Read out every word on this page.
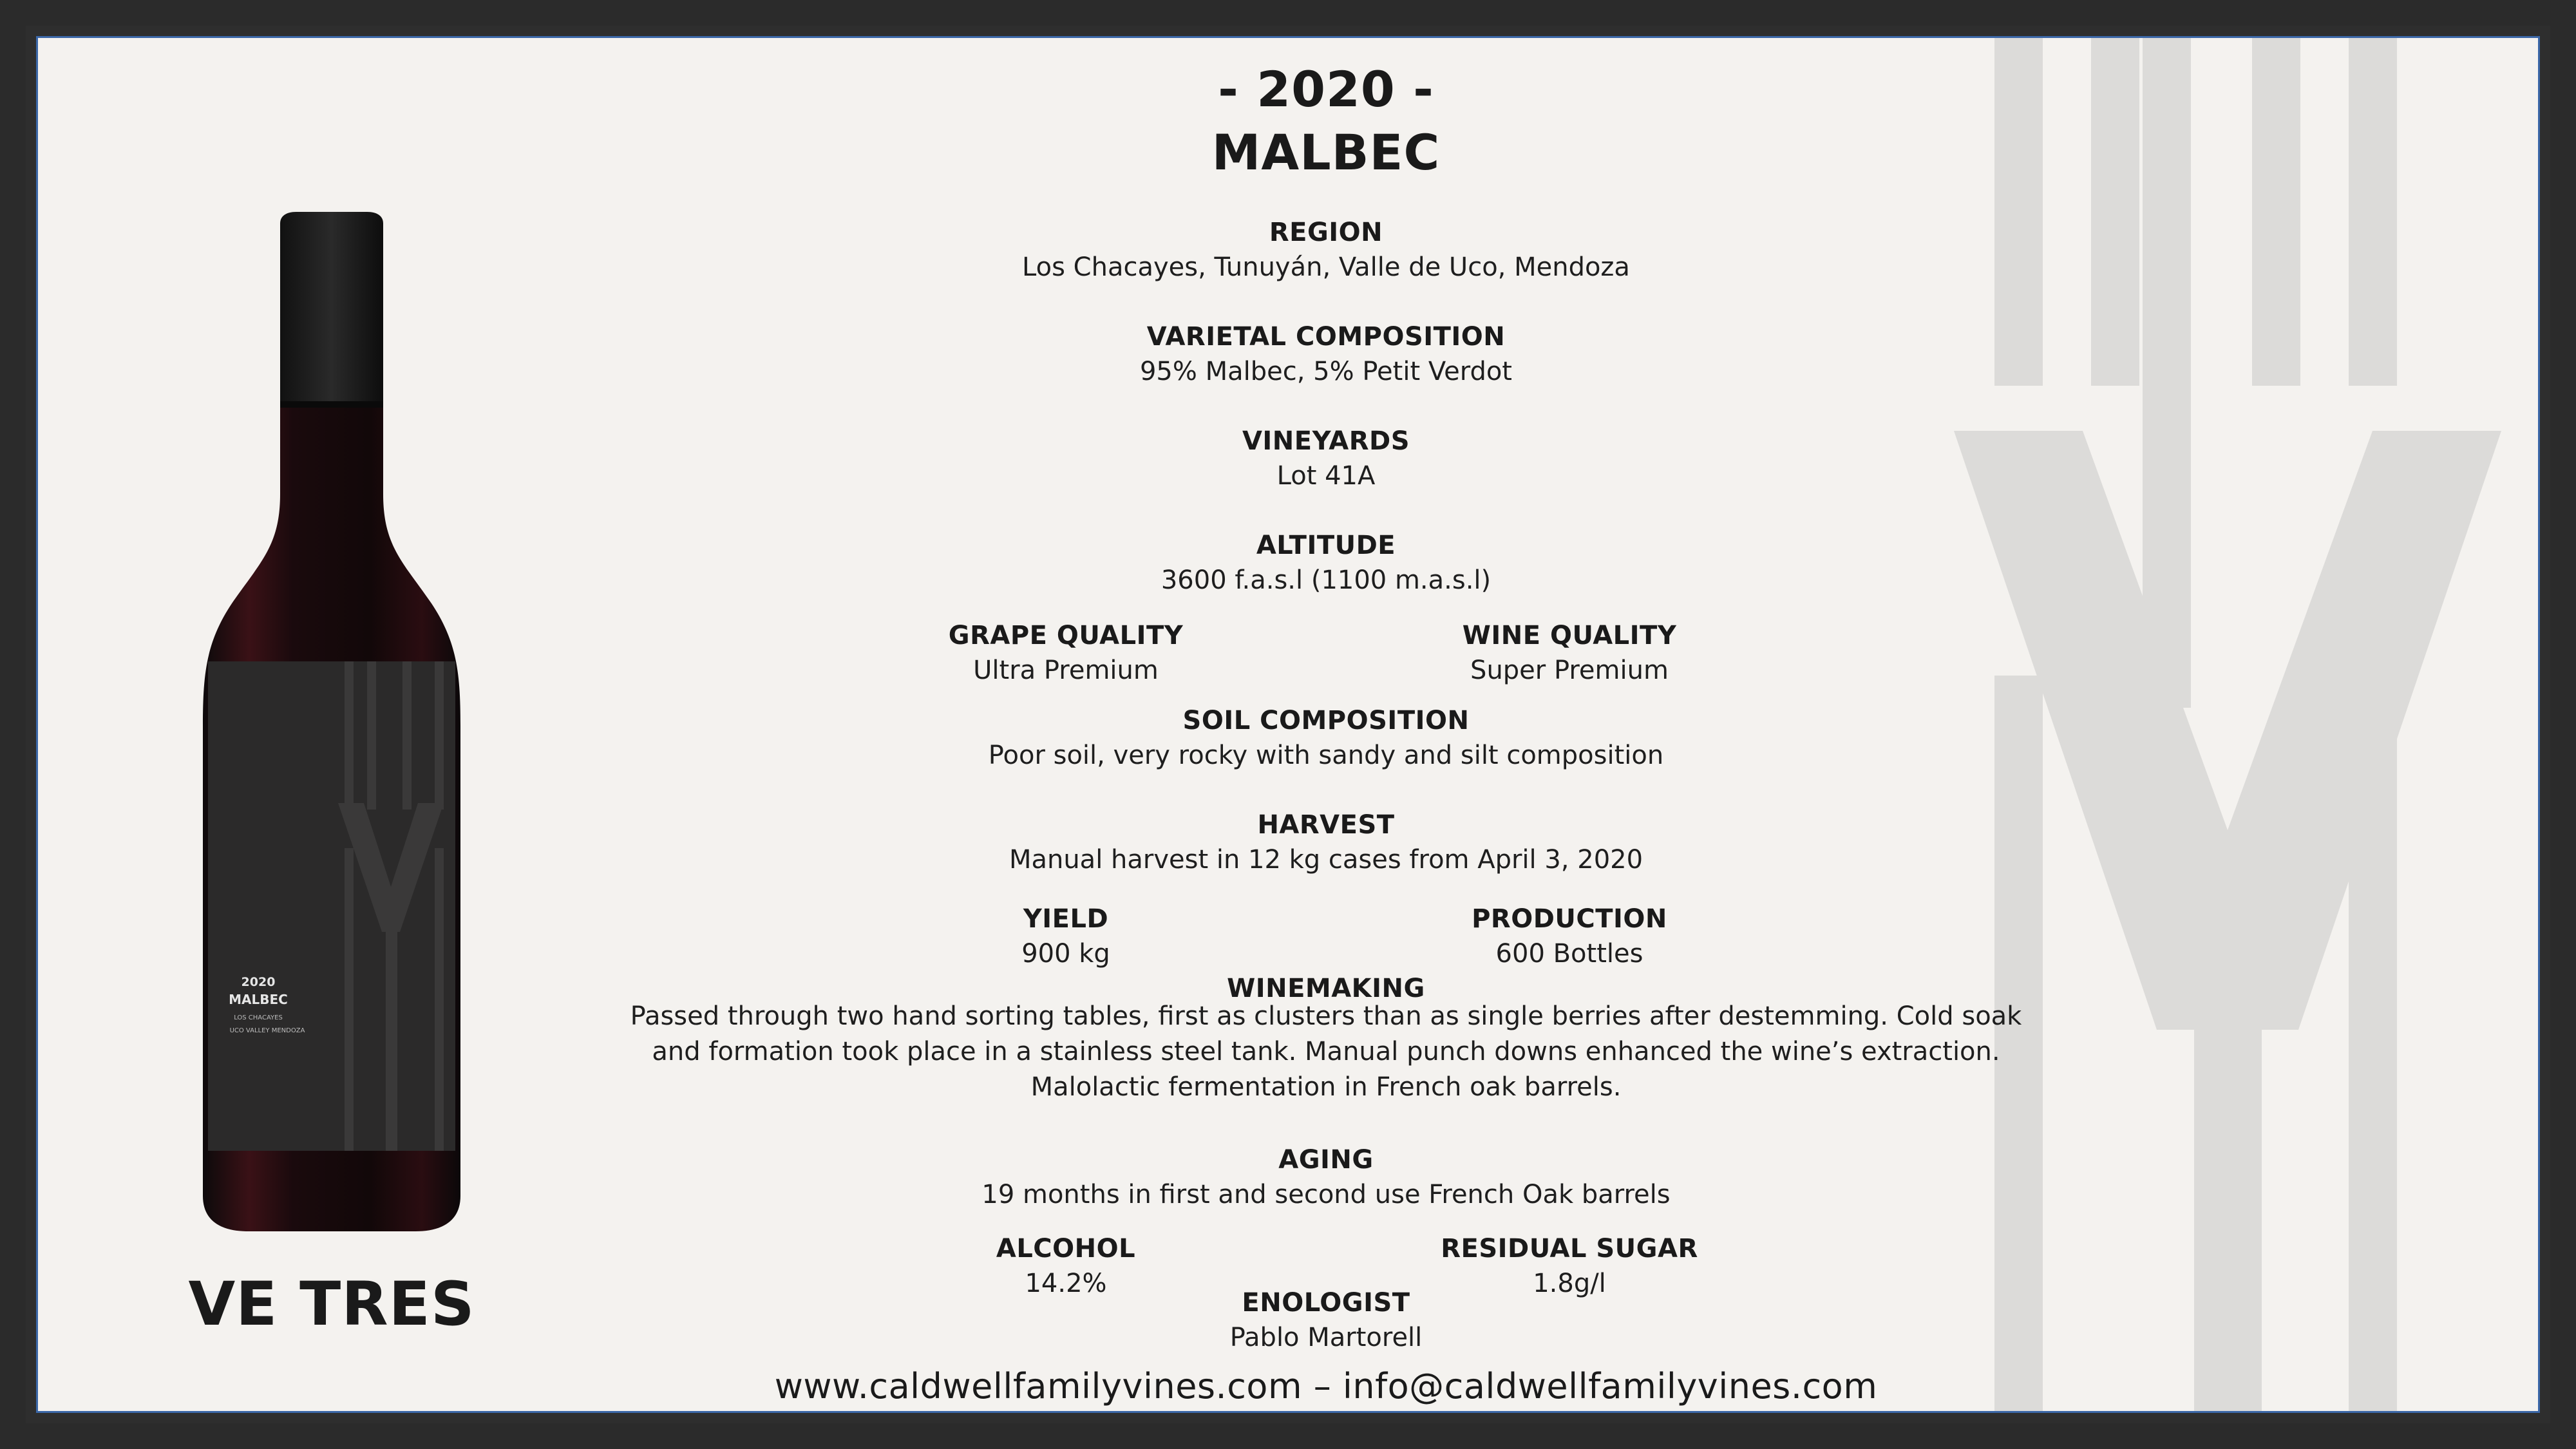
2020
MALBEC
LOS CHACAYES
UCO VALLEY MENDOZA
VE TRES
- 2020 -
MALBEC
REGION
Los Chacayes, Tunuyán, Valle de Uco, Mendoza
VARIETAL COMPOSITION
95% Malbec, 5% Petit Verdot
VINEYARDS
Lot 41A
ALTITUDE
3600 f.a.s.l (1100 m.a.s.l)
GRAPE QUALITY
Ultra Premium
WINE QUALITY
Super Premium
SOIL COMPOSITION
Poor soil, very rocky with sandy and silt composition
HARVEST
Manual harvest in 12 kg cases from April 3, 2020
YIELD
900 kg
PRODUCTION
600 Bottles
WINEMAKING
Passed through two hand sorting tables, first as clusters than as single berries after destemming. Cold soak
and formation took place in a stainless steel tank. Manual punch downs enhanced the wine’s extraction.
Malolactic fermentation in French oak barrels.
AGING
19 months in first and second use French Oak barrels
ALCOHOL
14.2%
RESIDUAL SUGAR
1.8g/l
ENOLOGIST
Pablo Martorell
www.caldwellfamilyvines.com – info@caldwellfamilyvines.com
